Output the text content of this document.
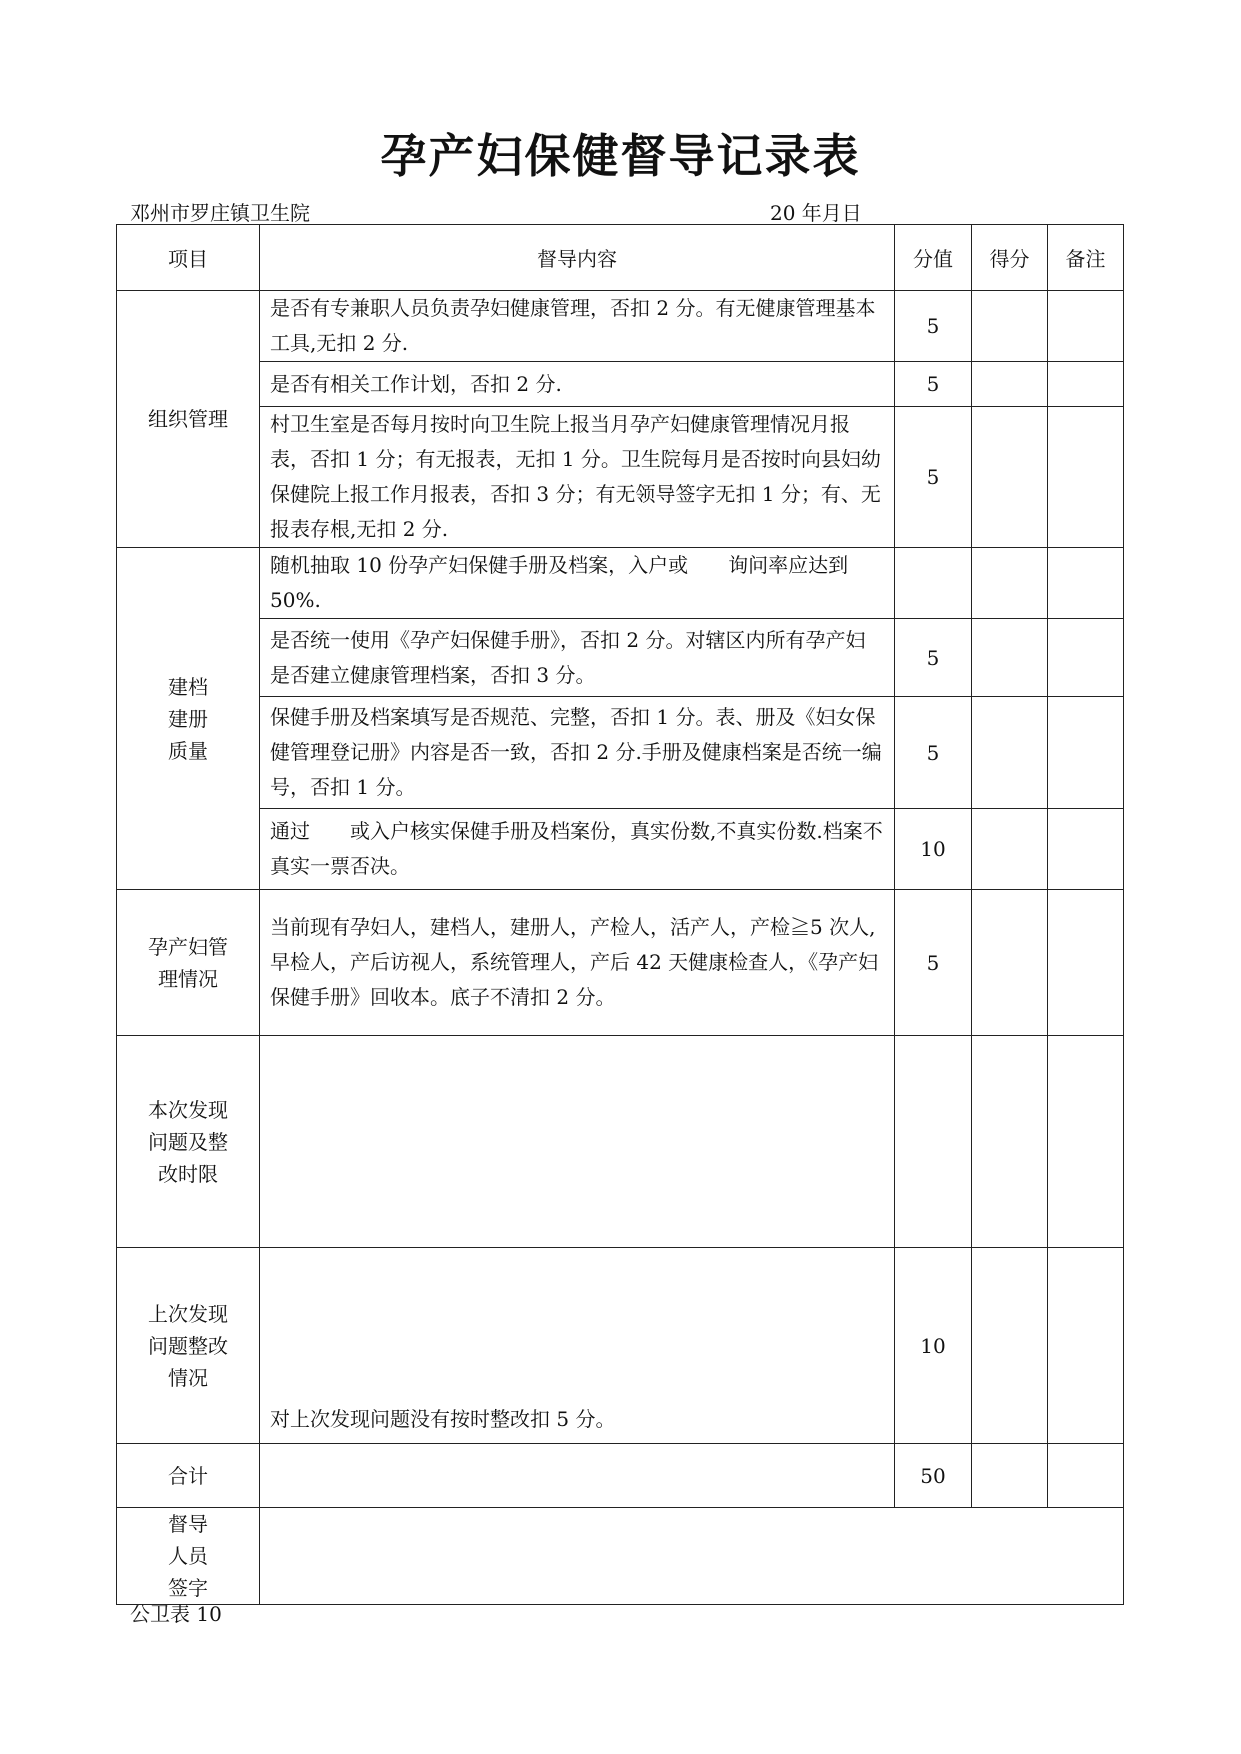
孕产妇保健督导记录表
邓州市罗庄镇卫生院	20 年月日
项目	督导内容	分值	得分	备注
组织管理	是否有专兼职人员负责孕妇健康管理，否扣 2 分。有无健康管理基本工具,无扣 2 分.	5		
	是否有相关工作计划，否扣 2 分.	5		
	村卫生室是否每月按时向卫生院上报当月孕产妇健康管理情况月报表，否扣 1 分；有无报表，无扣 1 分。卫生院每月是否按时向县妇幼保健院上报工作月报表，否扣 3 分；有无领导签字无扣 1 分；有、无报表存根,无扣 2 分.	5		

建档建册质量	随机抽取 10 份孕产妇保健手册及档案，入户或　　询问率应达到 50%.			
	是否统一使用《孕产妇保健手册》，否扣 2 分。对辖区内所有孕产妇是否建立健康管理档案，否扣 3 分。	5		
	保健手册及档案填写是否规范、完整，否扣 1 分。表、册及《妇女保健管理登记册》内容是否一致，否扣 2 分.手册及健康档案是否统一编号，否扣 1 分。	5		
	通过　　或入户核实保健手册及档案份，真实份数,不真实份数.档案不真实一票否决。	10		

孕产妇管理情况	当前现有孕妇人，建档人，建册人，产检人，活产人，产检≧5 次人,早检人，产后访视人，系统管理人，产后 42 天健康检查人，《孕产妇保健手册》回收本。底子不清扣 2 分。	5		

本次发现问题及整改时限				

上次发现问题整改情况	对上次发现问题没有按时整改扣 5 分。	10		
合计		50		

督导人员签字				

公卫表 10
